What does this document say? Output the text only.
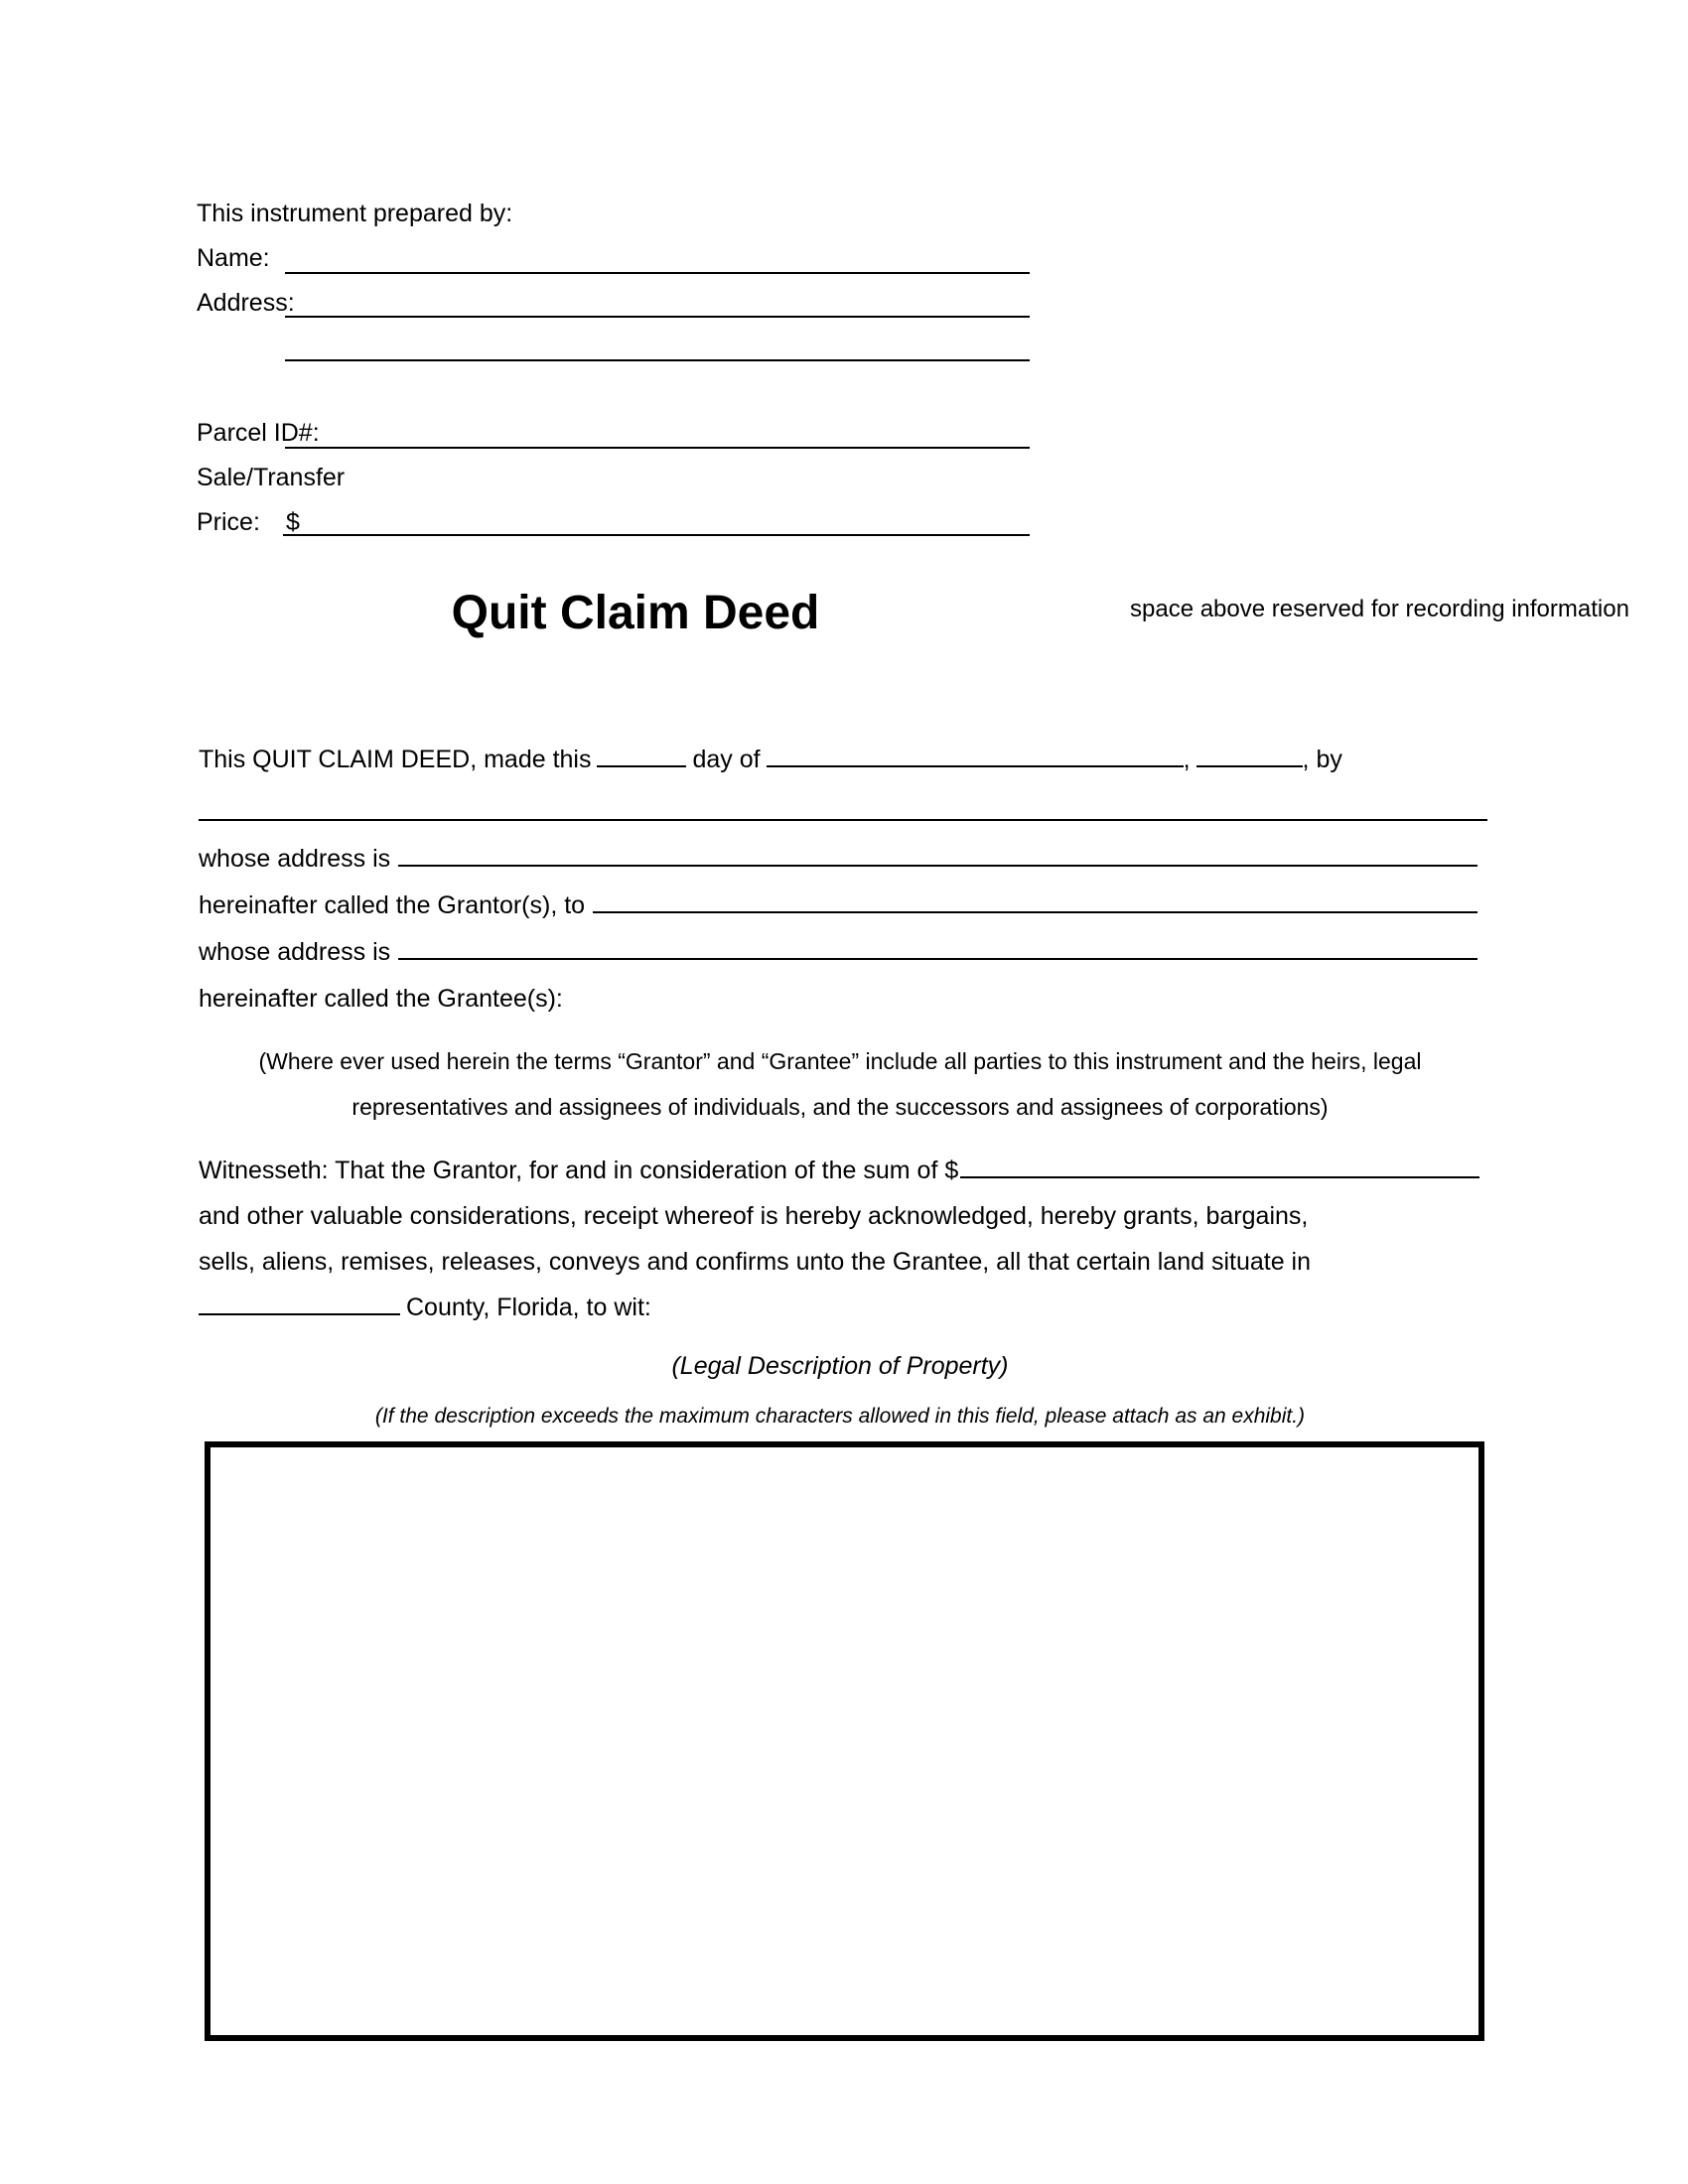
This instrument prepared by:
Name:
Address:
Parcel ID#:
Sale/Transfer
Price: $
Quit Claim Deed	space above reserved for recording information
This QUIT CLAIM DEED, made this	day of	,	, by
whose address is
hereinafter called the Grantor(s), to
whose address is
hereinafter called the Grantee(s):
(Where ever used herein the terms “Grantor” and “Grantee” include all parties to this instrument and the heirs, legal
representatives and assignees of individuals, and the successors and assignees of corporations)
Witnesseth: That the Grantor, for and in consideration of the sum of $
and other valuable considerations, receipt whereof is hereby acknowledged, hereby grants, bargains,
sells, aliens, remises, releases, conveys and confirms unto the Grantee, all that certain land situate in
County, Florida, to wit:
(Legal Description of Property)
(If the description exceeds the maximum characters allowed in this field, please attach as an exhibit.)
